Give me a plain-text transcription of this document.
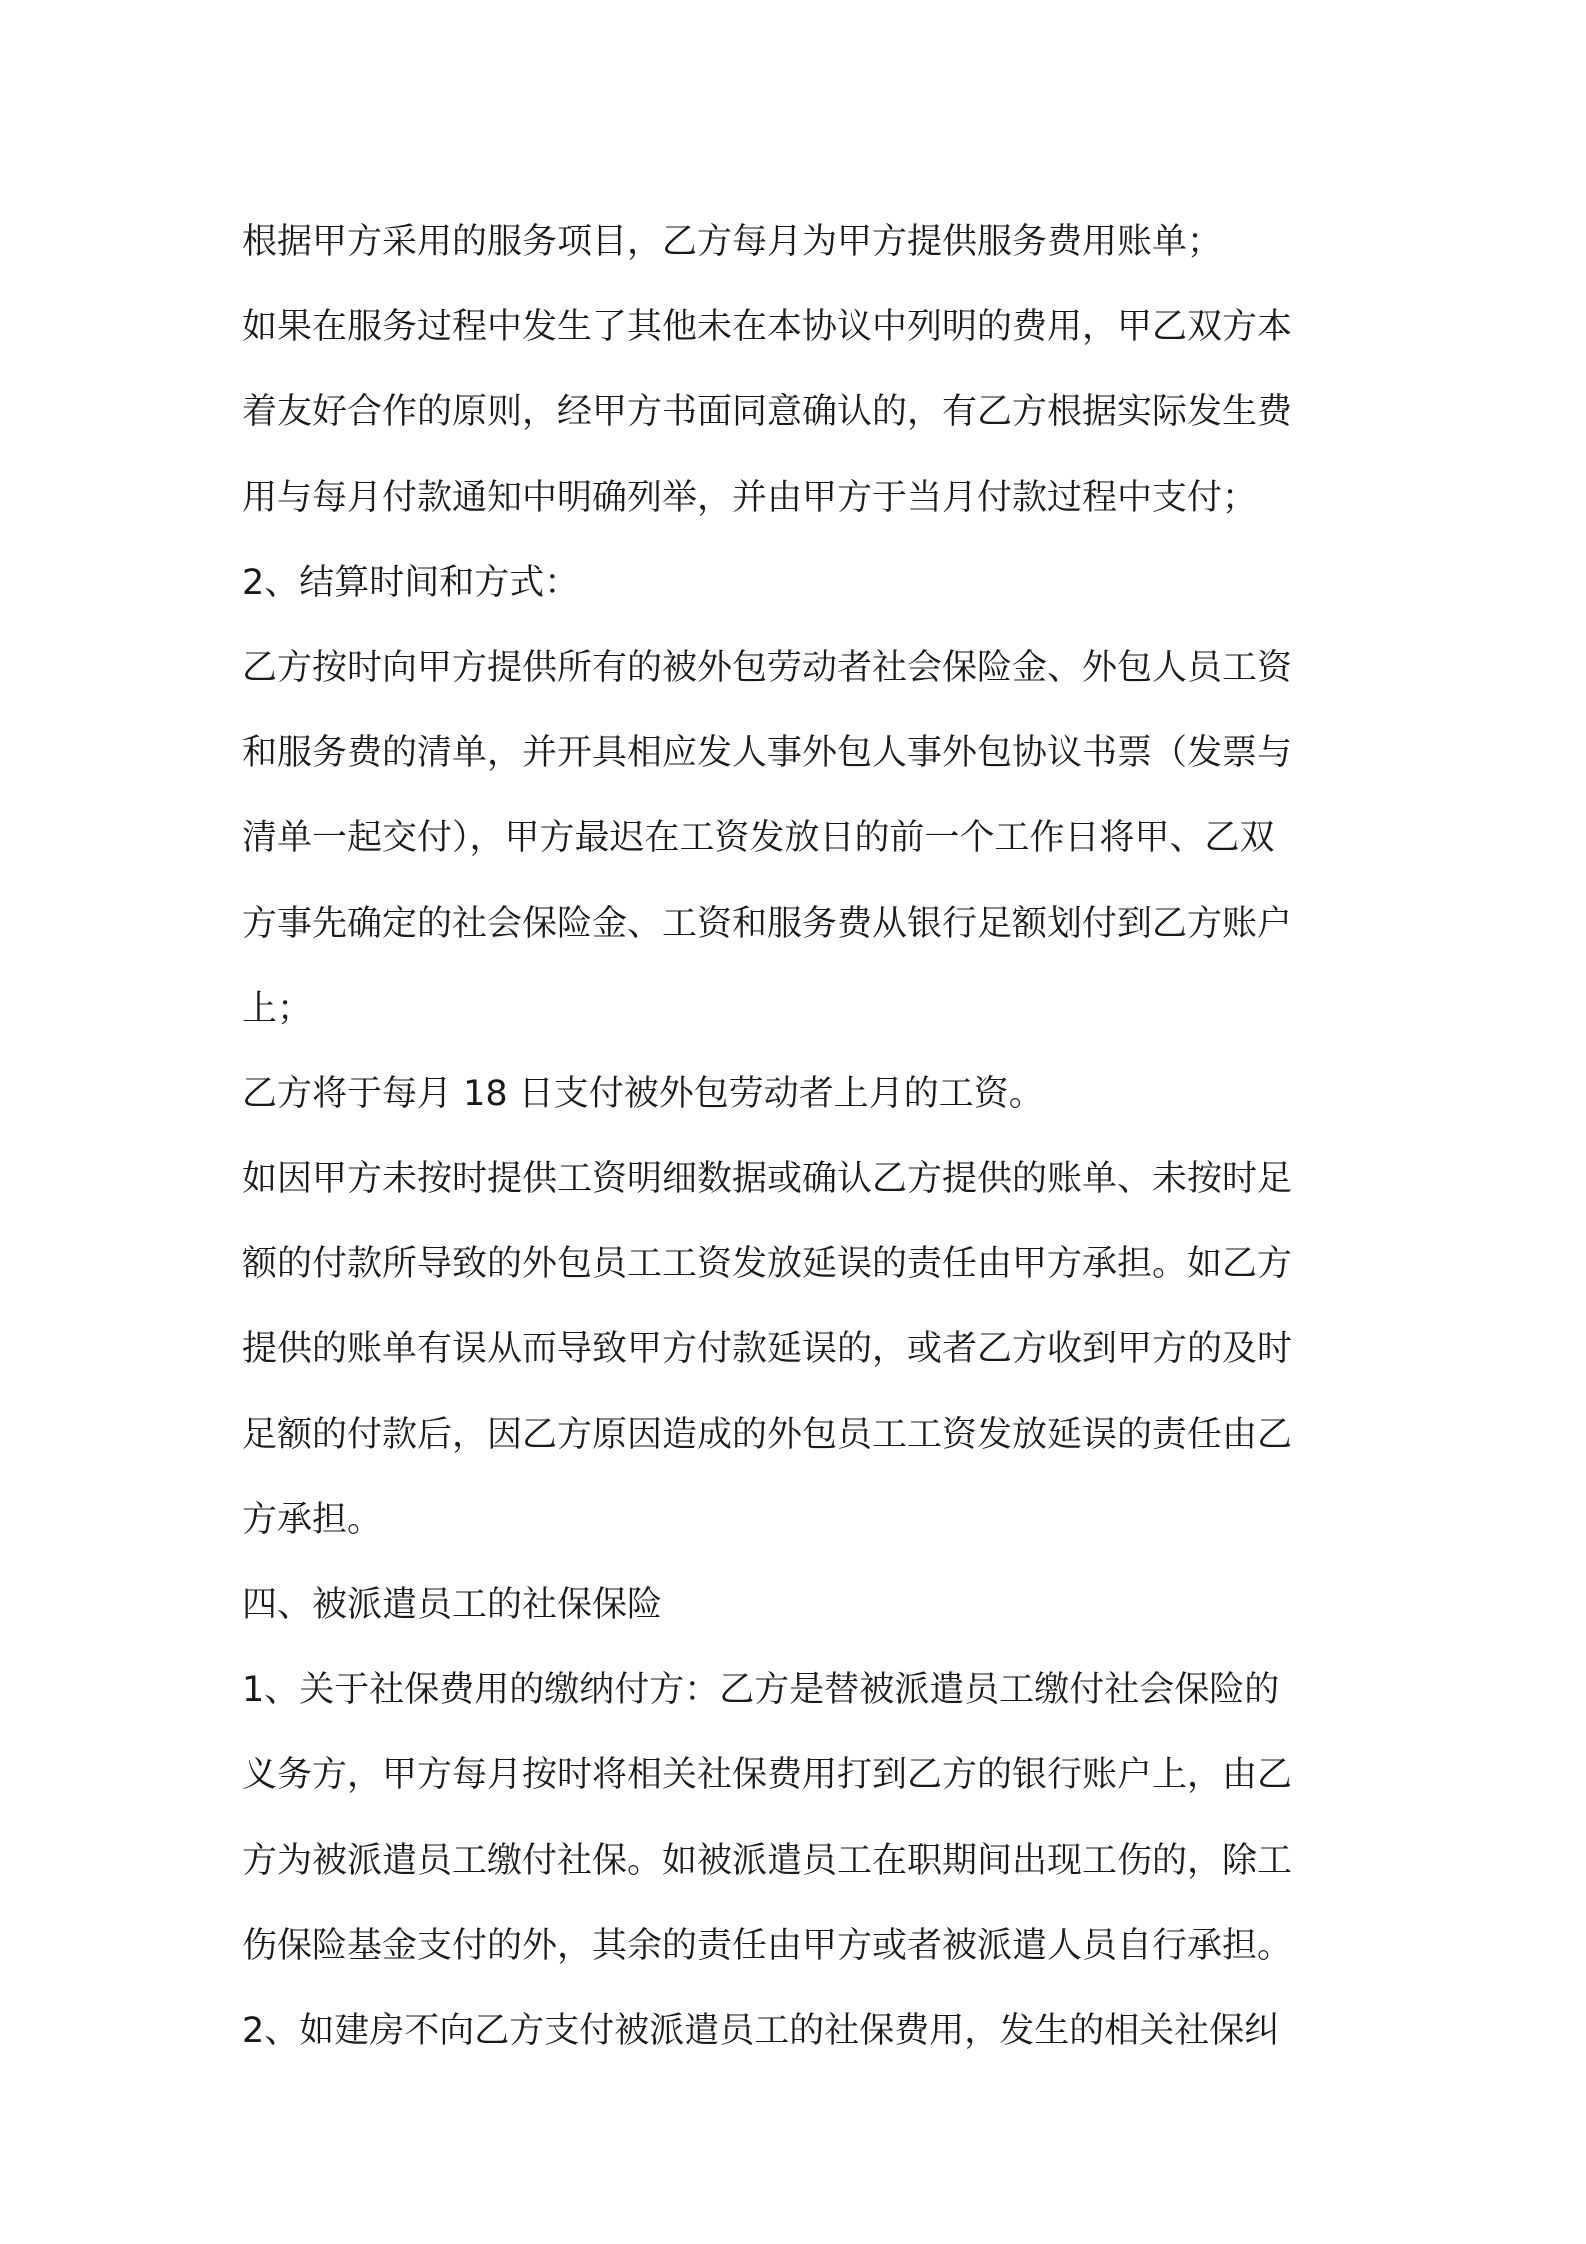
根据甲方采用的服务项目，乙方每月为甲方提供服务费用账单；
如果在服务过程中发生了其他未在本协议中列明的费用，甲乙双方本
着友好合作的原则，经甲方书面同意确认的，有乙方根据实际发生费
用与每月付款通知中明确列举，并由甲方于当月付款过程中支付；
2、结算时间和方式：
乙方按时向甲方提供所有的被外包劳动者社会保险金、外包人员工资
和服务费的清单，并开具相应发人事外包人事外包协议书票（发票与
清单一起交付），甲方最迟在工资发放日的前一个工作日将甲、乙双
方事先确定的社会保险金、工资和服务费从银行足额划付到乙方账户
上；
乙方将于每月 18 日支付被外包劳动者上月的工资。
如因甲方未按时提供工资明细数据或确认乙方提供的账单、未按时足
额的付款所导致的外包员工工资发放延误的责任由甲方承担。如乙方
提供的账单有误从而导致甲方付款延误的，或者乙方收到甲方的及时
足额的付款后，因乙方原因造成的外包员工工资发放延误的责任由乙
方承担。
四、被派遣员工的社保保险
1、关于社保费用的缴纳付方：乙方是替被派遣员工缴付社会保险的
义务方，甲方每月按时将相关社保费用打到乙方的银行账户上，由乙
方为被派遣员工缴付社保。如被派遣员工在职期间出现工伤的，除工
伤保险基金支付的外，其余的责任由甲方或者被派遣人员自行承担。
2、如建房不向乙方支付被派遣员工的社保费用，发生的相关社保纠
